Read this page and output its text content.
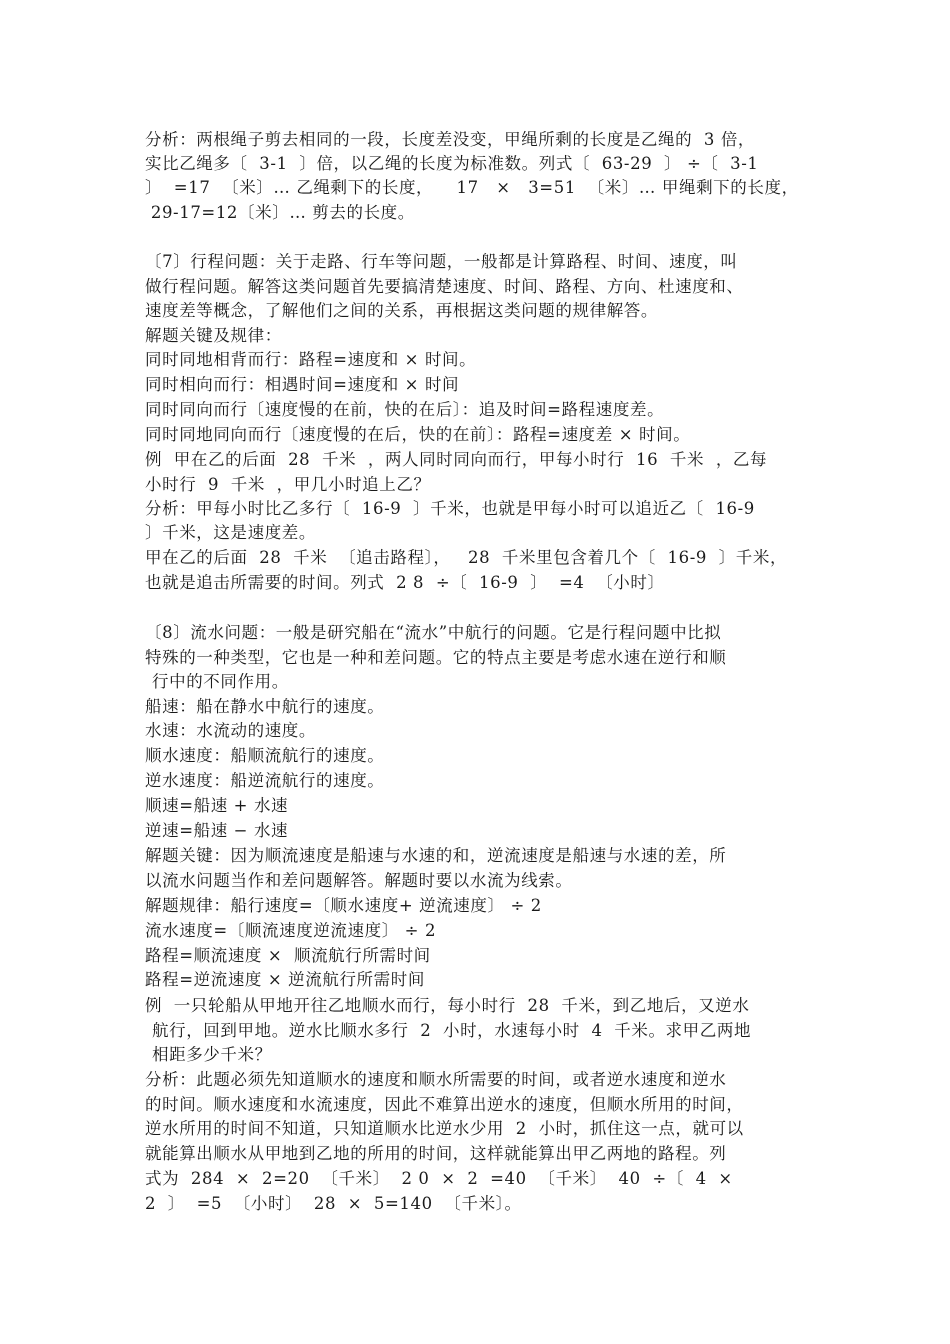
分析：两根绳子剪去相同的一段，长度差没变，甲绳所剩的长度是乙绳的  3 倍，
实比乙绳多〔  3-1  〕倍，以乙绳的长度为标准数。列式〔  63-29  〕 ÷〔  3-1
〕  =17  〔米〕… 乙绳剩下的长度，    17   ×   3=51  〔米〕… 甲绳剩下的长度，
29-17=12〔米〕… 剪去的长度。
〔7〕行程问题：关于走路、行车等问题，一般都是计算路程、时间、速度，叫
做行程问题。解答这类问题首先要搞清楚速度、时间、路程、方向、杜速度和、
速度差等概念，了解他们之间的关系，再根据这类问题的规律解答。
解题关键及规律：
同时同地相背而行：路程=速度和 × 时间。
同时相向而行：相遇时间=速度和 × 时间
同时同向而行〔速度慢的在前，快的在后〕：追及时间=路程速度差。
同时同地同向而行〔速度慢的在后，快的在前〕：路程=速度差 × 时间。
例  甲在乙的后面  28  千米  ，两人同时同向而行，甲每小时行  16  千米  ，乙每
小时行  9  千米  ，甲几小时追上乙？
分析：甲每小时比乙多行〔  16-9  〕千米，也就是甲每小时可以追近乙〔  16-9
〕千米，这是速度差。
甲在乙的后面  28  千米  〔追击路程〕，   28  千米里包含着几个〔  16-9  〕千米，
也就是追击所需要的时间。列式  2 8  ÷〔  16-9  〕  =4  〔小时〕
〔8〕流水问题：一般是研究船在“流水”中航行的问题。它是行程问题中比拟
特殊的一种类型，它也是一种和差问题。它的特点主要是考虑水速在逆行和顺
行中的不同作用。
船速：船在静水中航行的速度。
水速：水流动的速度。
顺水速度：船顺流航行的速度。
逆水速度：船逆流航行的速度。
顺速=船速 + 水速
逆速=船速 − 水速
解题关键：因为顺流速度是船速与水速的和，逆流速度是船速与水速的差，所
以流水问题当作和差问题解答。解题时要以水流为线索。
解题规律：船行速度=〔顺水速度+ 逆流速度〕 ÷ 2
流水速度=〔顺流速度逆流速度〕 ÷ 2
路程=顺流速度 ×  顺流航行所需时间
路程=逆流速度 × 逆流航行所需时间
例  一只轮船从甲地开往乙地顺水而行，每小时行  28  千米，到乙地后，又逆水
航行，回到甲地。逆水比顺水多行  2  小时，水速每小时  4  千米。求甲乙两地
相距多少千米？
分析：此题必须先知道顺水的速度和顺水所需要的时间，或者逆水速度和逆水
的时间。顺水速度和水流速度，因此不难算出逆水的速度，但顺水所用的时间，
逆水所用的时间不知道，只知道顺水比逆水少用  2  小时，抓住这一点，就可以
就能算出顺水从甲地到乙地的所用的时间，这样就能算出甲乙两地的路程。列
式为  284  ×  2=20  〔千米〕  2 0  ×  2  =40  〔千米〕  40  ÷〔  4  ×
2  〕  =5  〔小时〕  28  ×  5=140  〔千米〕。
